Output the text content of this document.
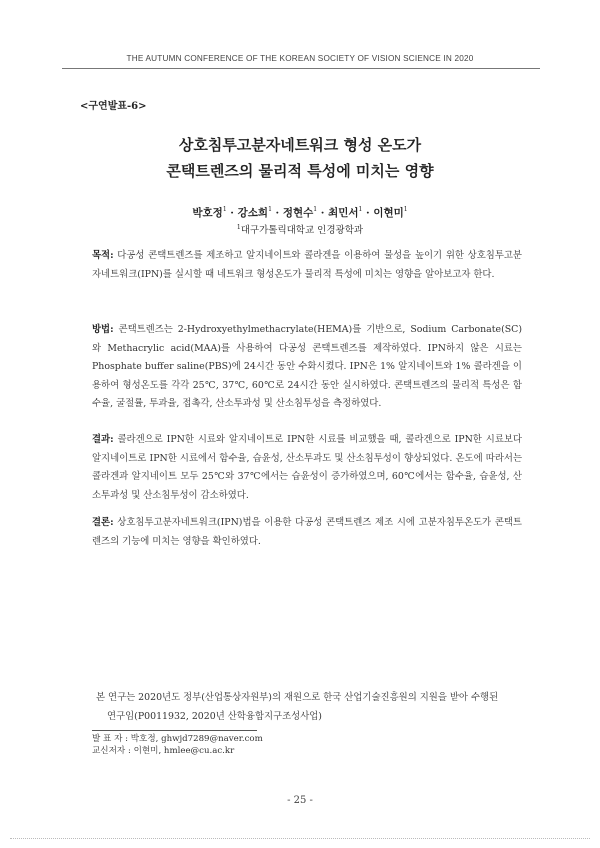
THE AUTUMN CONFERENCE OF THE KOREAN SOCIETY OF VISION SCIENCE IN 2020
<구연발표-6>
상호침투고분자네트워크 형성 온도가
콘택트렌즈의 물리적 특성에 미치는 영향
박호정$^1$ · 강소희$^1$ · 정현수$^1$ · 최민서$^1$ · 이현미$^1$
$^1$대구가톨릭대학교 인경광학과
목적: 다공성 콘택트렌즈를 제조하고 알지네이트와 콜라겐을 이용하여 물성을 높이기 위한 상호침투고분자네트워크(IPN)를 실시할 때 네트워크 형성온도가 물리적 특성에 미치는 영향을 알아보고자 한다.
방법: 콘택트렌즈는 2-Hydroxyethylmethacrylate(HEMA)를 기반으로, Sodium Carbonate(SC) 와 Methacrylic acid(MAA)를 사용하여 다공성 콘택트렌즈를 제작하였다. IPN하지 않은 시료는 Phosphate buffer saline(PBS)에 24시간 동안 수화시켰다. IPN은 1% 알지네이트와 1% 콜라겐을 이용하여 형성온도를 각각 25℃, 37℃, 60℃로 24시간 동안 실시하였다. 콘택트렌즈의 물리적 특성은 함수율, 굴절률, 투과율, 접촉각, 산소투과성 및 산소침투성을 측정하였다.
결과: 콜라겐으로 IPN한 시료와 알지네이트로 IPN한 시료를 비교했을 때, 콜라겐으로 IPN한 시료보다 알지네이트로 IPN한 시료에서 함수율, 습윤성, 산소투과도 및 산소침투성이 향상되었다. 온도에 따라서는 콜라겐과 알지네이트 모두 25℃와 37℃에서는 습윤성이 증가하였으며, 60℃에서는 함수율, 습윤성, 산소투과성 및 산소침투성이 감소하였다.
결론: 상호침투고분자네트워크(IPN)법을 이용한 다공성 콘택트렌즈 제조 시에 고분자침투온도가 콘택트렌즈의 기능에 미치는 영향을 확인하였다.
본 연구는 2020년도 정부(산업통상자원부)의 재원으로 한국 산업기술진흥원의 지원을 받아 수행된
연구임(P0011932, 2020년 산학융합지구조성사업)
발 표 자 : 박호정, ghwjd7289@naver.com
교신저자 : 이현미, hmlee@cu.ac.kr
- 25 -
